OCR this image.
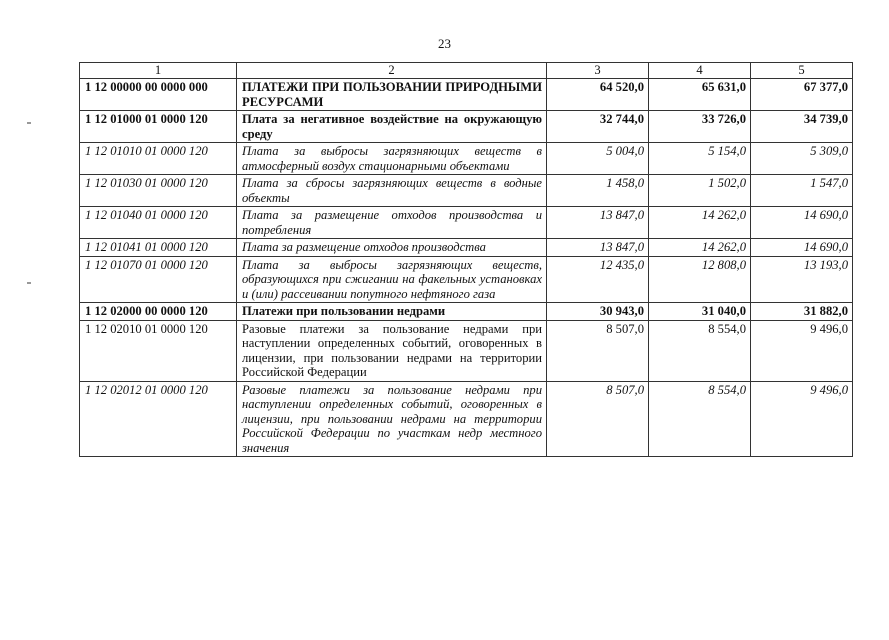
23
1	2	3	4	5
1 12 00000 00 0000 000	ПЛАТЕЖИ ПРИ ПОЛЬЗОВАНИИ ПРИРОДНЫМИ РЕСУРСАМИ	64 520,0	65 631,0	67 377,0
1 12 01000 01 0000 120	Плата за негативное воздействие на окружающую среду	32 744,0	33 726,0	34 739,0
1 12 01010 01 0000 120	Плата за выбросы загрязняющих веществ в атмосферный воздух стационарными объектами	5 004,0	5 154,0	5 309,0
1 12 01030 01 0000 120	Плата за сбросы загрязняющих веществ в водные объекты	1 458,0	1 502,0	1 547,0
1 12 01040 01 0000 120	Плата за размещение отходов производства и потребления	13 847,0	14 262,0	14 690,0
1 12 01041 01 0000 120	Плата за размещение отходов производства	13 847,0	14 262,0	14 690,0
1 12 01070 01 0000 120	Плата за выбросы загрязняющих веществ, образующихся при сжигании на факельных установках и (или) рассеивании попутного нефтяного газа	12 435,0	12 808,0	13 193,0
1 12 02000 00 0000 120	Платежи при пользовании недрами	30 943,0	31 040,0	31 882,0
1 12 02010 01 0000 120	Разовые платежи за пользование недрами при наступлении определенных событий, оговоренных в лицензии, при пользовании недрами на территории Российской Федерации	8 507,0	8 554,0	9 496,0
1 12 02012 01 0000 120	Разовые платежи за пользование недрами при наступлении определенных событий, оговоренных в лицензии, при пользовании недрами на территории Российской Федерации по участкам недр местного значения	8 507,0	8 554,0	9 496,0
